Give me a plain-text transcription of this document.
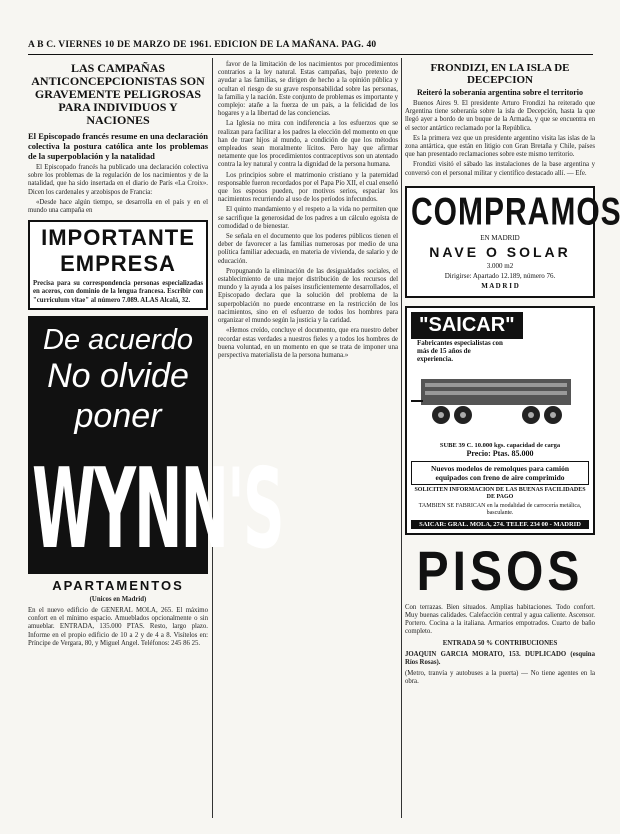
A B C. VIERNES 10 DE MARZO DE 1961. EDICION DE LA MAÑANA. PAG. 40
LAS CAMPAÑAS ANTICONCEPCIONISTAS SON GRAVEMENTE PELIGROSAS PARA INDIVIDUOS Y NACIONES
El Episcopado francés resume en una declaración colectiva la postura católica ante los problemas de la superpoblación y la natalidad

El Episcopado francés ha publicado una declaración colectiva sobre los problemas de la regulación de los nacimientos y de la natalidad, que ha sido insertada en el diario de París «La Croix». Dicen los cardenales y arzobispos de Francia:

«Desde hace algún tiempo, se desarrolla en el país y en el mundo una campaña en

IMPORTANTE
EMPRESA
Precisa para su correspondencia personas especializadas en aceros, con dominio de la lengua francesa. Escribir con "curriculum vitae" al número 7.089. ALAS Alcalá, 32.
De acuerdo
No olvide
poner
WYNN'S
APARTAMENTOS
(Unicos en Madrid)
En el nuevo edificio de GENERAL MOLA, 265. El máximo confort en el mínimo espacio. Amueblados opcionalmente o sin amueblar. ENTRADA, 135.000 PTAS. Resto, largo plazo. Informe en el propio edificio de 10 a 2 y de 4 a 8. Visítelos en: Príncipe de Vergara, 80, y Miguel Angel. Teléfonos: 245 86 25.

favor de la limitación de los nacimientos por procedimientos contrarios a la ley natural. Estas campañas, bajo pretexto de ayudar a las familias, se dirigen de hecho a la opinión pública y ocultan el riesgo de su grave responsabilidad sobre las personas, la familia y la nación. Este conjunto de problemas es importante y complejo: atañe a la fuerza de un país, a la felicidad de los hogares y a la libertad de las conciencias.

La Iglesia no mira con indiferencia a los esfuerzos que se realizan para facilitar a los padres la elección del momento en que han de traer hijos al mundo, a condición de que los métodos empleados sean moralmente lícitos. Pero hay que afirmar netamente que los procedimientos contraceptivos son un atentado contra la ley natural y contra la dignidad de la persona humana.

Los principios sobre el matrimonio cristiano y la paternidad responsable fueron recordados por el Papa Pío XII, el cual enseñó que los esposos pueden, por motivos serios, espaciar los nacimientos recurriendo al uso de los períodos infecundos.

El quinto mandamiento y el respeto a la vida no permiten que se sacrifique la generosidad de los padres a un cálculo egoísta de comodidad o de bienestar.

Se señala en el documento que los poderes públicos tienen el deber de favorecer a las familias numerosas por medio de una política familiar adecuada, en materia de vivienda, de salario y de educación.

Propugnando la eliminación de las desigualdades sociales, el establecimiento de una mejor distribución de los recursos del mundo y la ayuda a los países insuficientemente desarrollados, el Episcopado declara que la solución del problema de la superpoblación no puede encontrarse en la restricción de los nacimientos, sino en el esfuerzo de todos los hombres para organizar el mundo según la justicia y la caridad.

«Hemos creído, concluye el documento, que era nuestro deber recordar estas verdades a nuestros fieles y a todos los hombres de buena voluntad, en un momento en que se trata de imponer una perspectiva materialista de la persona humana.»

FRONDIZI, EN LA ISLA DE DECEPCION
Reiteró la soberanía argentina sobre el territorio

Buenos Aires 9. El presidente Arturo Frondizi ha reiterado que Argentina tiene soberanía sobre la isla de Decepción, hasta la que llegó ayer a bordo de un buque de la Armada, y que se encuentra en el sector antártico reclamado por la República.

Es la primera vez que un presidente argentino visita las islas de la zona antártica, que están en litigio con Gran Bretaña y Chile, países que han presentado reclamaciones sobre este mismo territorio.

Frondizi visitó el sábado las instalaciones de la base argentina y conversó con el personal militar y científico destacado allí. — Efe.

COMPRAMOS
EN MADRID
NAVE O SOLAR
3.000 m2
Dirigirse: Apartado 12.189, número 76.
M A D R I D
"SAICAR" Fabricantes especialistas con más de 15 años de experiencia.
SUBE 39 C. 10.000 kgs. capacidad de carga
Precio: Ptas. 85.000
Nuevos modelos de remolques para camión equipados con freno de aire comprimido
SOLICITEN INFORMACION DE LAS BUENAS FACILIDADES DE PAGO
TAMBIEN SE FABRICAN en la modalidad de carrocería metálica, basculante.
SAICAR: GRAL. MOLA, 274. TELEF. 234 00 - MADRID
PISOS
Con terrazas. Bien situados. Amplias habitaciones. Todo confort. Muy buenas calidades. Calefacción central y agua caliente. Ascensor. Portero. Cocina a la italiana. Armarios empotrados. Cuarto de baño completo.
ENTRADA 50 % CONTRIBUCIONES
JOAQUIN GARCIA MORATO, 153. DUPLICADO (esquina Ríos Rosas).
(Metro, tranvía y autobuses a la puerta) — No tiene agentes en la obra.
